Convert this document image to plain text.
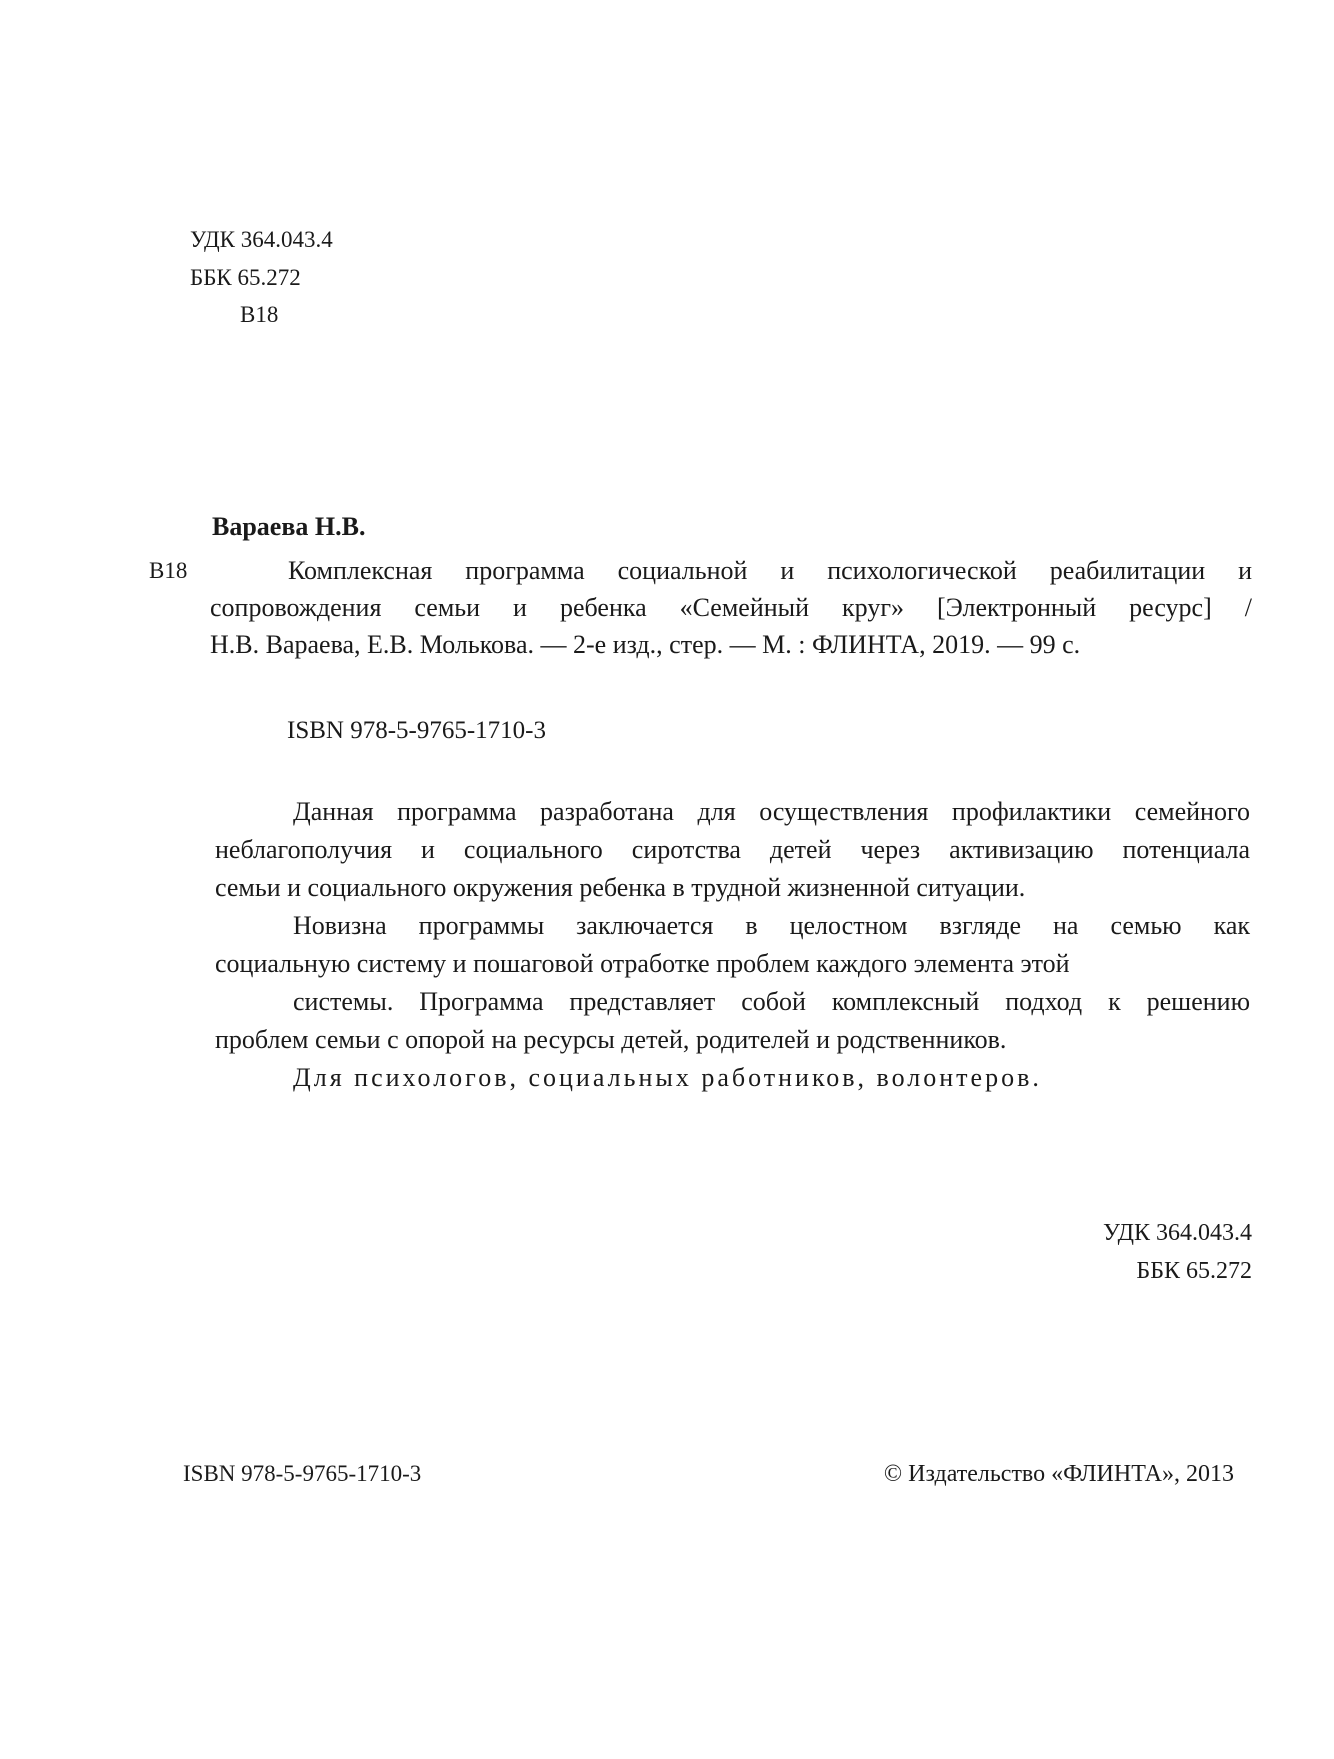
УДК 364.043.4
ББК 65.272
В18
Вараева Н.В.
В18	Комплексная программа социальной и психологической реабилитации и

сопровождения семьи и ребенка «Семейный круг» [Электронный ресурс] /

Н.В. Вараева, Е.В. Молькова. — 2-е изд., стер. — М. : ФЛИНТА, 2019. — 99 с.

ISBN 978-5-9765-1710-3

Данная программа разработана для осуществления профилактики семейного

неблагополучия и социального сиротства детей через активизацию потенциала

семьи и социального окружения ребенка в трудной жизненной ситуации.

Новизна программы заключается в целостном взгляде на семью как

социальную систему и пошаговой отработке проблем каждого элемента этой

системы. Программа представляет собой комплексный подход к решению

проблем семьи с опорой на ресурсы детей, родителей и родственников.

Для психологов, социальных работников, волонтеров.

УДК 364.043.4
ББК 65.272
ISBN 978-5-9765-1710-3	© Издательство «ФЛИНТА», 2013
